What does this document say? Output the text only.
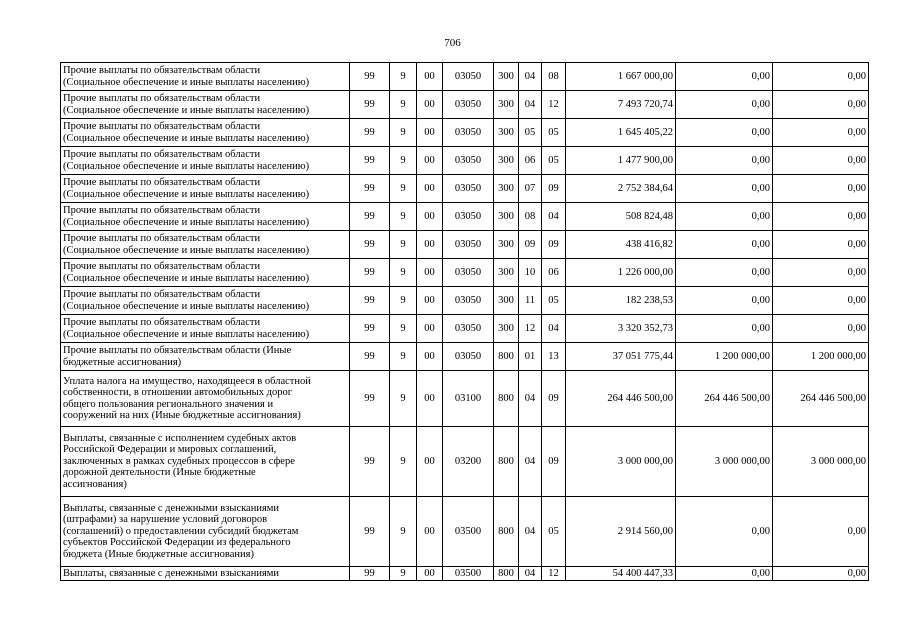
706
Прочие выплаты по обязательствам области
(Социальное обеспечение и иные выплаты населению)	99	9	00	03050	300	04	08	1 667 000,00	0,00	0,00
Прочие выплаты по обязательствам области
(Социальное обеспечение и иные выплаты населению)	99	9	00	03050	300	04	12	7 493 720,74	0,00	0,00
Прочие выплаты по обязательствам области
(Социальное обеспечение и иные выплаты населению)	99	9	00	03050	300	05	05	1 645 405,22	0,00	0,00
Прочие выплаты по обязательствам области
(Социальное обеспечение и иные выплаты населению)	99	9	00	03050	300	06	05	1 477 900,00	0,00	0,00
Прочие выплаты по обязательствам области
(Социальное обеспечение и иные выплаты населению)	99	9	00	03050	300	07	09	2 752 384,64	0,00	0,00
Прочие выплаты по обязательствам области
(Социальное обеспечение и иные выплаты населению)	99	9	00	03050	300	08	04	508 824,48	0,00	0,00
Прочие выплаты по обязательствам области
(Социальное обеспечение и иные выплаты населению)	99	9	00	03050	300	09	09	438 416,82	0,00	0,00
Прочие выплаты по обязательствам области
(Социальное обеспечение и иные выплаты населению)	99	9	00	03050	300	10	06	1 226 000,00	0,00	0,00
Прочие выплаты по обязательствам области
(Социальное обеспечение и иные выплаты населению)	99	9	00	03050	300	11	05	182 238,53	0,00	0,00
Прочие выплаты по обязательствам области
(Социальное обеспечение и иные выплаты населению)	99	9	00	03050	300	12	04	3 320 352,73	0,00	0,00
Прочие выплаты по обязательствам области (Иные
бюджетные ассигнования)	99	9	00	03050	800	01	13	37 051 775,44	1 200 000,00	1 200 000,00
Уплата налога на имущество, находящееся в областной
собственности, в отношении автомобильных дорог
общего пользования регионального значения и
сооружений на них (Иные бюджетные ассигнования)	99	9	00	03100	800	04	09	264 446 500,00	264 446 500,00	264 446 500,00
Выплаты, связанные с исполнением судебных актов
Российской Федерации и мировых соглашений,
заключенных в рамках судебных процессов в сфере
дорожной деятельности (Иные бюджетные
ассигнования)	99	9	00	03200	800	04	09	3 000 000,00	3 000 000,00	3 000 000,00
Выплаты, связанные с денежными взысканиями
(штрафами) за нарушение условий договоров
(соглашений) о предоставлении субсидий бюджетам
субъектов Российской Федерации из федерального
бюджета (Иные бюджетные ассигнования)	99	9	00	03500	800	04	05	2 914 560,00	0,00	0,00
Выплаты, связанные с денежными взысканиями	99	9	00	03500	800	04	12	54 400 447,33	0,00	0,00
